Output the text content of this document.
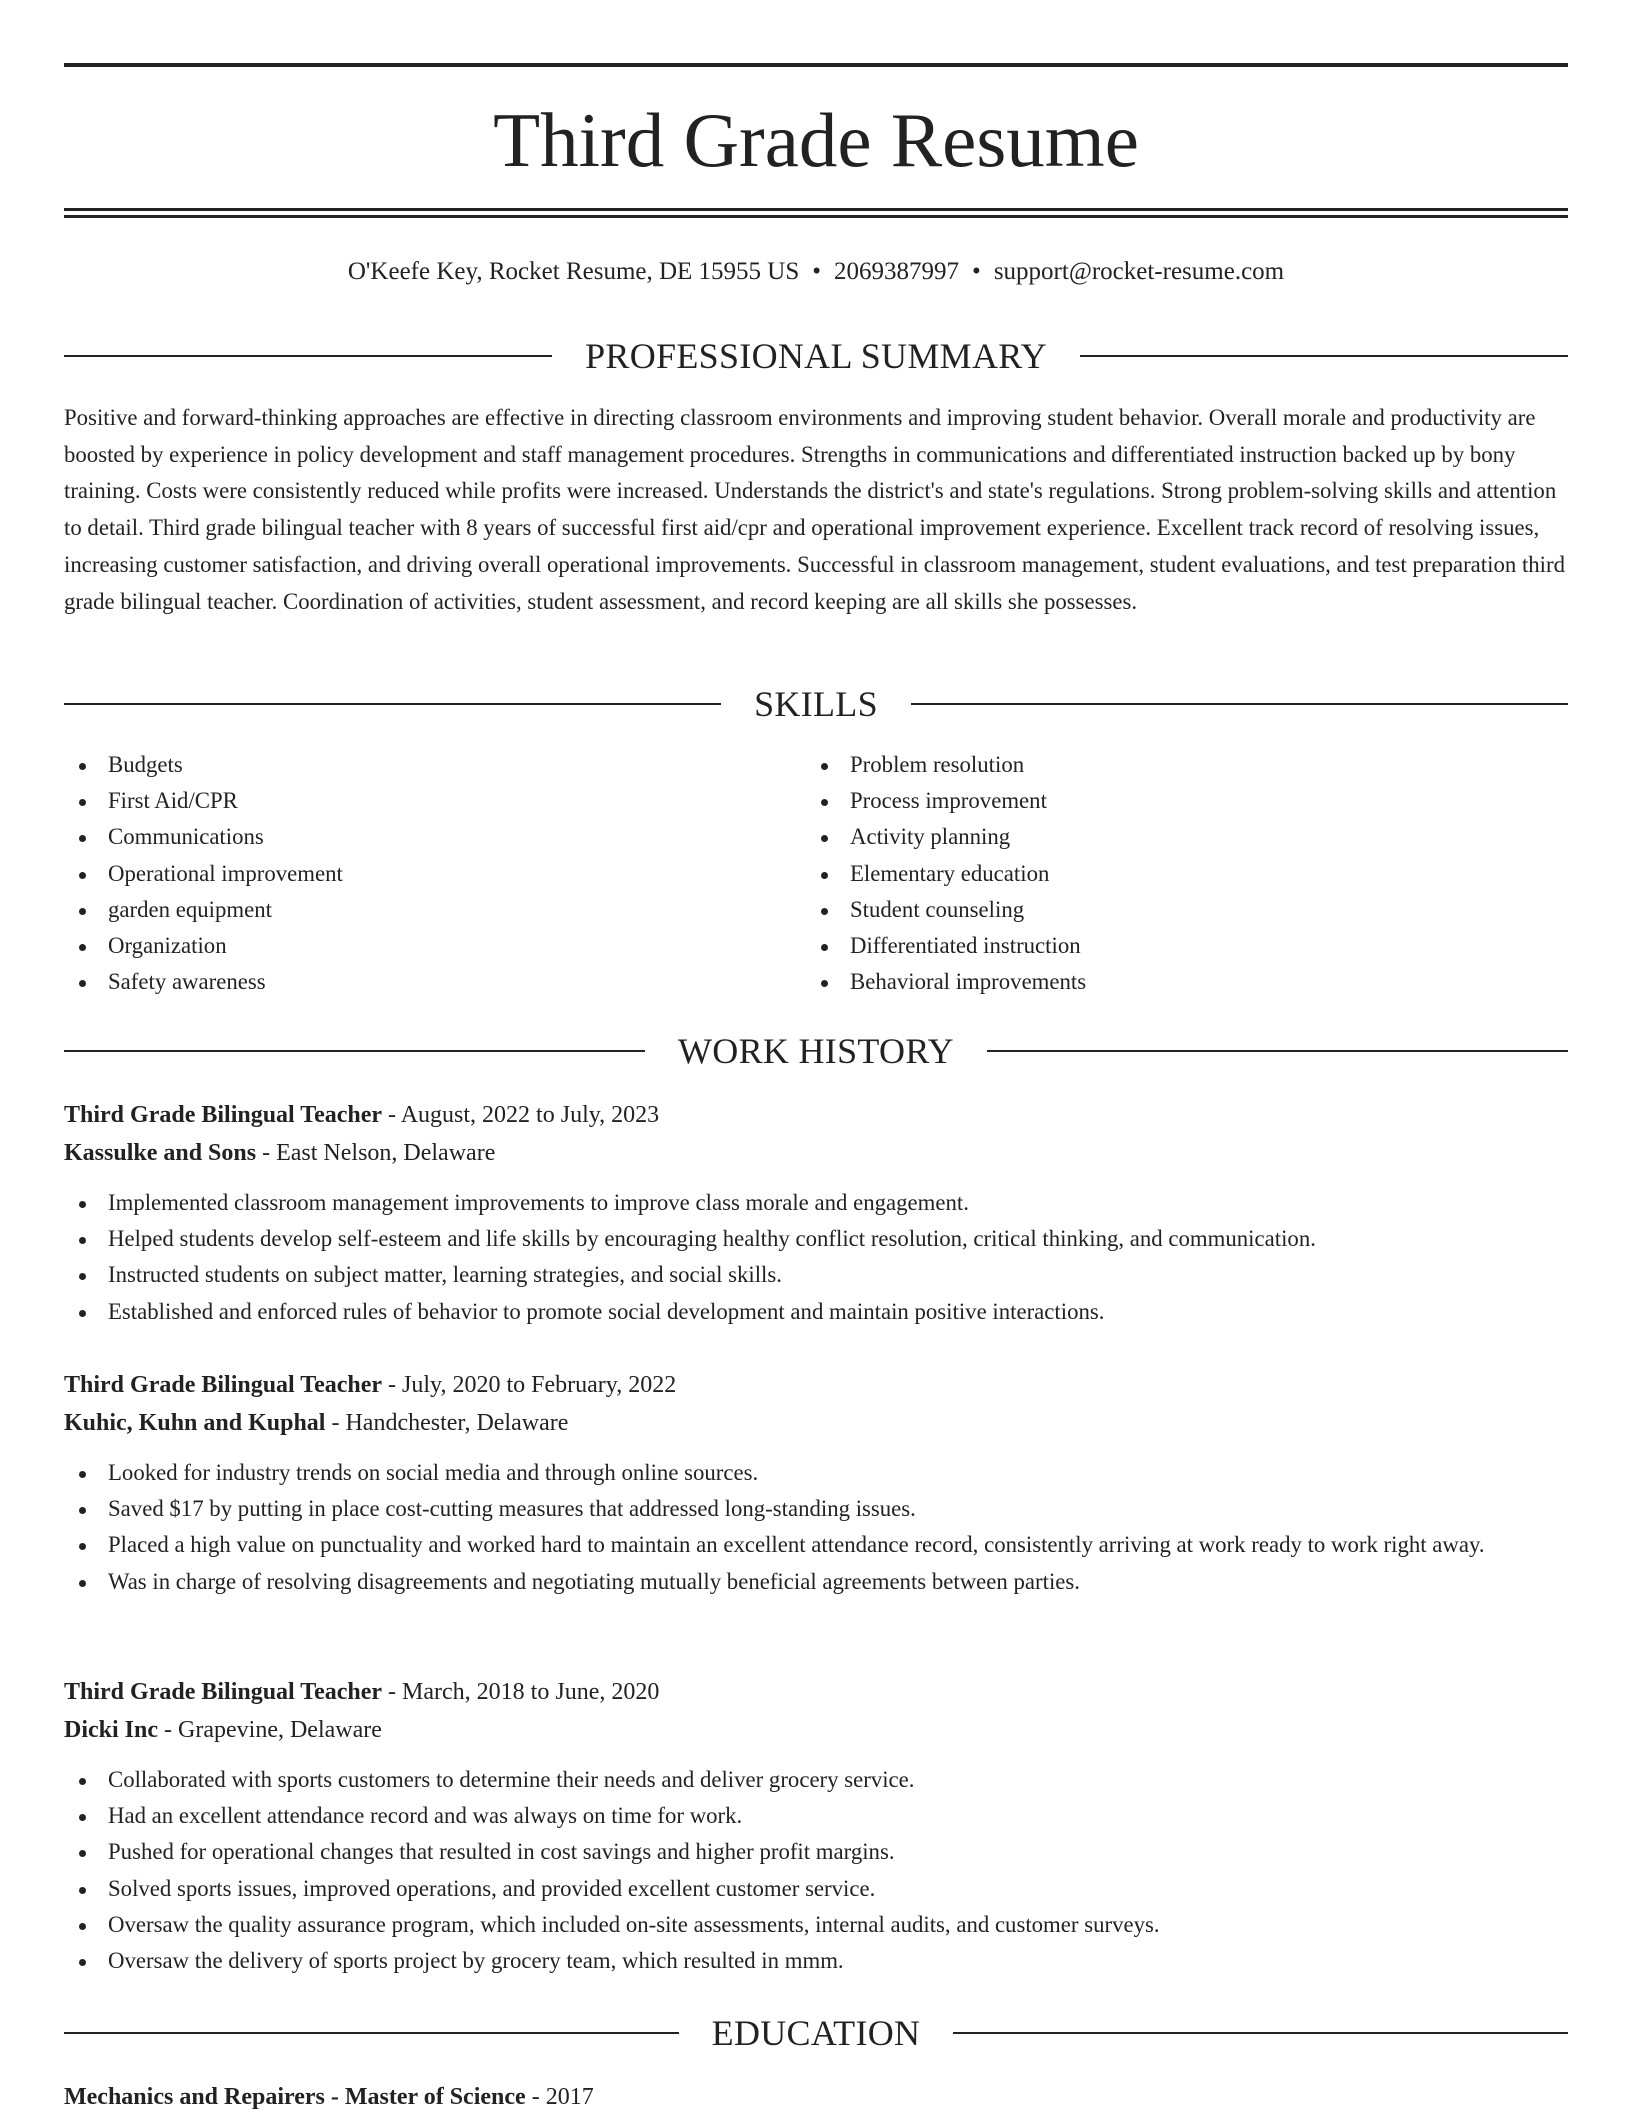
Third Grade Resume
O'Keefe Key, Rocket Resume, DE 15955 US • 2069387997 • support@rocket-resume.com
PROFESSIONAL SUMMARY

Positive and forward-thinking approaches are effective in directing classroom environments and improving student behavior. Overall morale and productivity are boosted by experience in policy development and staff management procedures. Strengths in communications and differentiated instruction backed up by bony training. Costs were consistently reduced while profits were increased. Understands the district's and state's regulations. Strong problem-solving skills and attention to detail. Third grade bilingual teacher with 8 years of successful first aid/cpr and operational improvement experience. Excellent track record of resolving issues, increasing customer satisfaction, and driving overall operational improvements. Successful in classroom management, student evaluations, and test preparation third grade bilingual teacher. Coordination of activities, student assessment, and record keeping are all skills she possesses.

SKILLS
Budgets
First Aid/CPR
Communications
Operational improvement
garden equipment
Organization
Safety awareness
Problem resolution
Process improvement
Activity planning
Elementary education
Student counseling
Differentiated instruction
Behavioral improvements
WORK HISTORY
Third Grade Bilingual Teacher - August, 2022 to July, 2023
Kassulke and Sons - East Nelson, Delaware
Implemented classroom management improvements to improve class morale and engagement.
Helped students develop self-esteem and life skills by encouraging healthy conflict resolution, critical thinking, and communication.
Instructed students on subject matter, learning strategies, and social skills.
Established and enforced rules of behavior to promote social development and maintain positive interactions.
Third Grade Bilingual Teacher - July, 2020 to February, 2022
Kuhic, Kuhn and Kuphal - Handchester, Delaware
Looked for industry trends on social media and through online sources.
Saved $17 by putting in place cost-cutting measures that addressed long-standing issues.
Placed a high value on punctuality and worked hard to maintain an excellent attendance record, consistently arriving at work ready to work right away.
Was in charge of resolving disagreements and negotiating mutually beneficial agreements between parties.
Third Grade Bilingual Teacher - March, 2018 to June, 2020
Dicki Inc - Grapevine, Delaware
Collaborated with sports customers to determine their needs and deliver grocery service.
Had an excellent attendance record and was always on time for work.
Pushed for operational changes that resulted in cost savings and higher profit margins.
Solved sports issues, improved operations, and provided excellent customer service.
Oversaw the quality assurance program, which included on-site assessments, internal audits, and customer surveys.
Oversaw the delivery of sports project by grocery team, which resulted in mmm.
EDUCATION
Mechanics and Repairers - Master of Science - 2017
